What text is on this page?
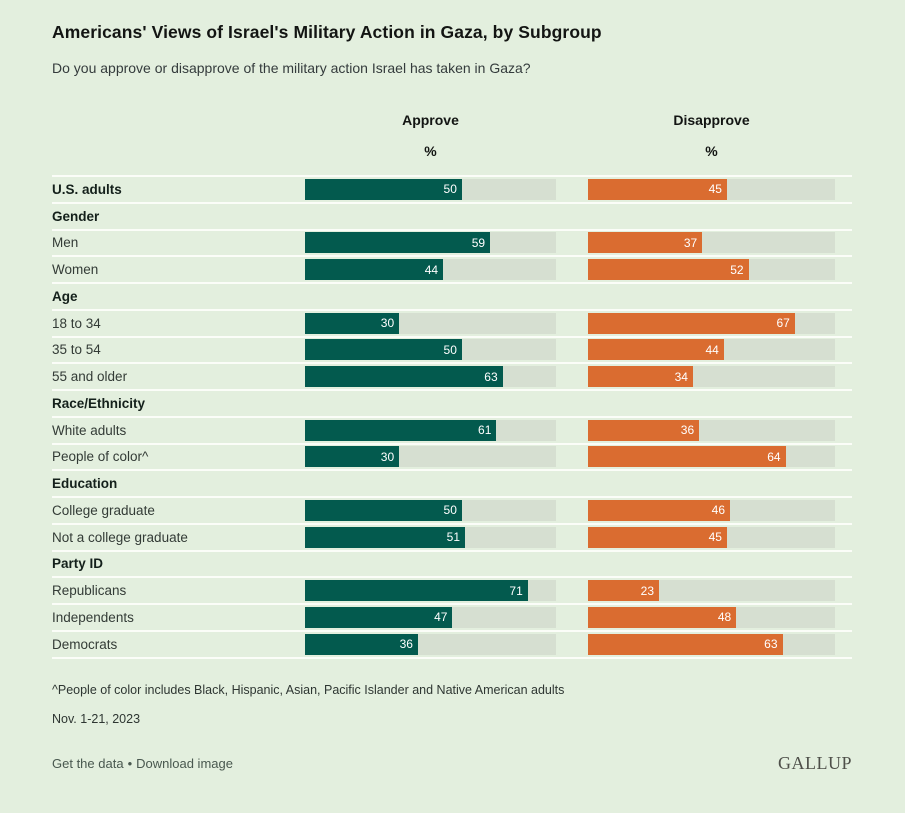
Americans' Views of Israel's Military Action in Gaza, by Subgroup

Do you approve or disapprove of the military action Israel has taken in Gaza?

Approve	Disapprove
%	%
U.S. adults	50	45
Gender
Men	59	37
Women	44	52
Age
18 to 34	30	67
35 to 54	50	44
55 and older	63	34
Race/Ethnicity
White adults	61	36
People of color^	30	64
Education
College graduate	50	46
Not a college graduate	51	45
Party ID
Republicans	71	23
Independents	47	48
Democrats	36	63

^People of color includes Black, Hispanic, Asian, Pacific Islander and Native American adults

Nov. 1-21, 2023

Get the data • Download image	GALLUP
